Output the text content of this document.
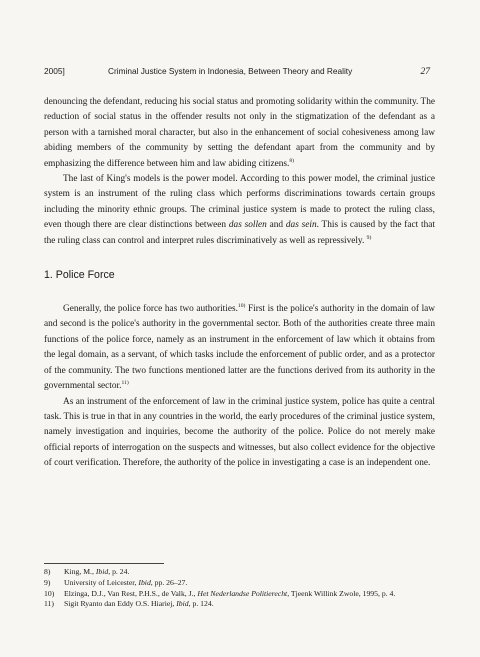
2005]	Criminal Justice System in Indonesia, Between Theory and Reality	27

denouncing the defendant, reducing his social status and promoting solidarity within the community. The reduction of social status in the offender results not only in the stigmatization of the defendant as a person with a tarnished moral character, but also in the enhancement of social cohesiveness among law abiding members of the community by setting the defendant apart from the community and by emphasizing the difference between him and law abiding citizens.$^{8)}$

The last of King's models is the power model. According to this power model, the criminal justice system is an instrument of the ruling class which performs discriminations towards certain groups including the minority ethnic groups. The criminal justice system is made to protect the ruling class, even though there are clear distinctions between das sollen and das sein. This is caused by the fact that the ruling class can control and interpret rules discriminatively as well as repressively. $^{9)}$

1. Police Force

Generally, the police force has two authorities.$^{10)}$ First is the police's authority in the domain of law and second is the police's authority in the governmental sector. Both of the authorities create three main functions of the police force, namely as an instrument in the enforcement of law which it obtains from the legal domain, as a servant, of which tasks include the enforcement of public order, and as a protector of the community. The two functions mentioned latter are the functions derived from its authority in the governmental sector.$^{11)}$

As an instrument of the enforcement of law in the criminal justice system, police has quite a central task. This is true in that in any countries in the world, the early procedures of the criminal justice system, namely investigation and inquiries, become the authority of the police. Police do not merely make official reports of interrogation on the suspects and witnesses, but also collect evidence for the objective of court verification. Therefore, the authority of the police in investigating a case is an independent one.

8)	King, M., Ibid, p. 24.
9)	University of Leicester, Ibid, pp. 26–27.
10)	Elzinga, D.J., Van Rest, P.H.S., de Valk, J., Het Nederlandse Politierecht, Tjeenk Willink Zwole, 1995, p. 4.
11)	Sigit Ryanto dan Eddy O.S. Hiariej, Ibid, p. 124.
